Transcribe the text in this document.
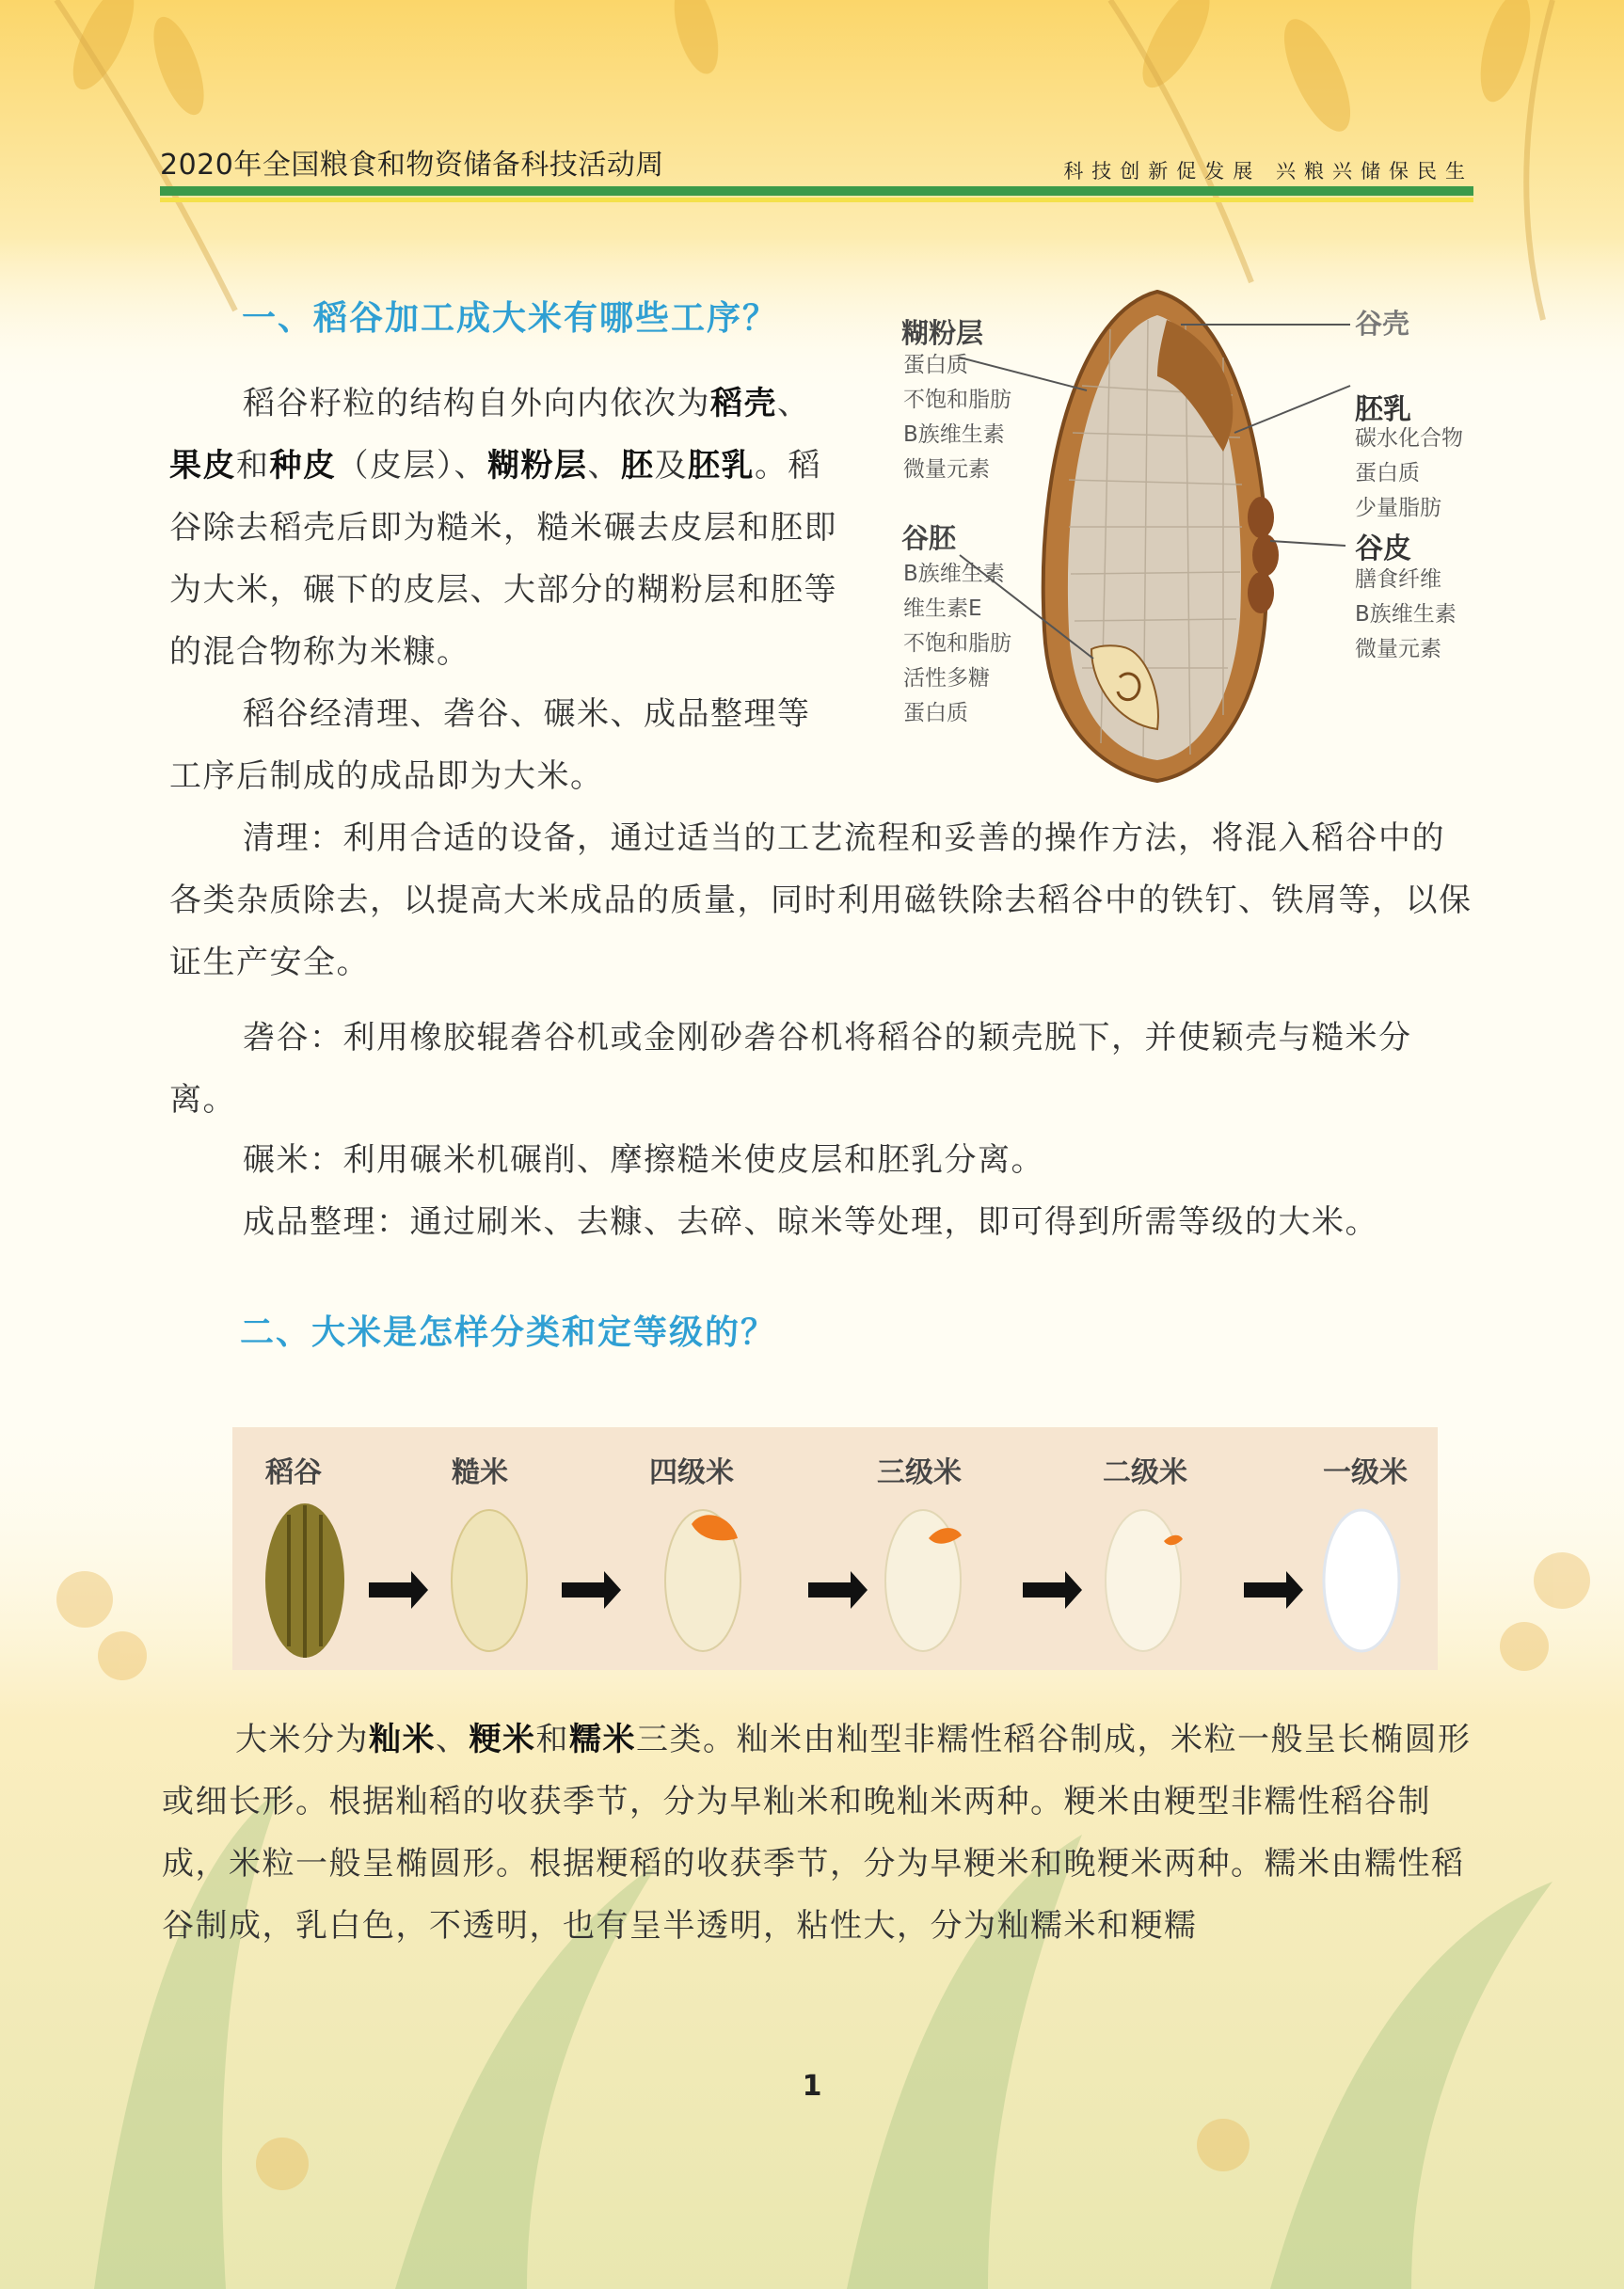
2020年全国粮食和物资储备科技活动周	科技创新促发展 兴粮兴储保民生
一、稻谷加工成大米有哪些工序？

稻谷籽粒的结构自外向内依次为稻壳、果皮和种皮（皮层）、糊粉层、胚及胚乳。稻谷除去稻壳后即为糙米，糙米碾去皮层和胚即为大米，碾下的皮层、大部分的糊粉层和胚等的混合物称为米糠。

稻谷经清理、砻谷、碾米、成品整理等工序后制成的成品即为大米。

清理：利用合适的设备，通过适当的工艺流程和妥善的操作方法，将混入稻谷中的各类杂质除去，以提高大米成品的质量，同时利用磁铁除去稻谷中的铁钉、铁屑等，以保证生产安全。

砻谷：利用橡胶辊砻谷机或金刚砂砻谷机将稻谷的颖壳脱下，并使颖壳与糙米分离。

碾米：利用碾米机碾削、摩擦糙米使皮层和胚乳分离。

成品整理：通过刷米、去糠、去碎、晾米等处理，即可得到所需等级的大米。

糊粉层
蛋白质
不饱和脂肪
B族维生素
微量元素
谷胚
B族维生素
维生素E
不饱和脂肪
活性多糖
蛋白质
谷壳
胚乳
碳水化合物
蛋白质
少量脂肪
谷皮
膳食纤维
B族维生素
微量元素
二、大米是怎样分类和定等级的？
稻谷	糙米	四级米	三级米	二级米	一级米

大米分为籼米、粳米和糯米三类。籼米由籼型非糯性稻谷制成，米粒一般呈长椭圆形或细长形。根据籼稻的收获季节，分为早籼米和晚籼米两种。粳米由粳型非糯性稻谷制成，米粒一般呈椭圆形。根据粳稻的收获季节，分为早粳米和晚粳米两种。糯米由糯性稻谷制成，乳白色，不透明，也有呈半透明，粘性大，分为籼糯米和粳糯

1
